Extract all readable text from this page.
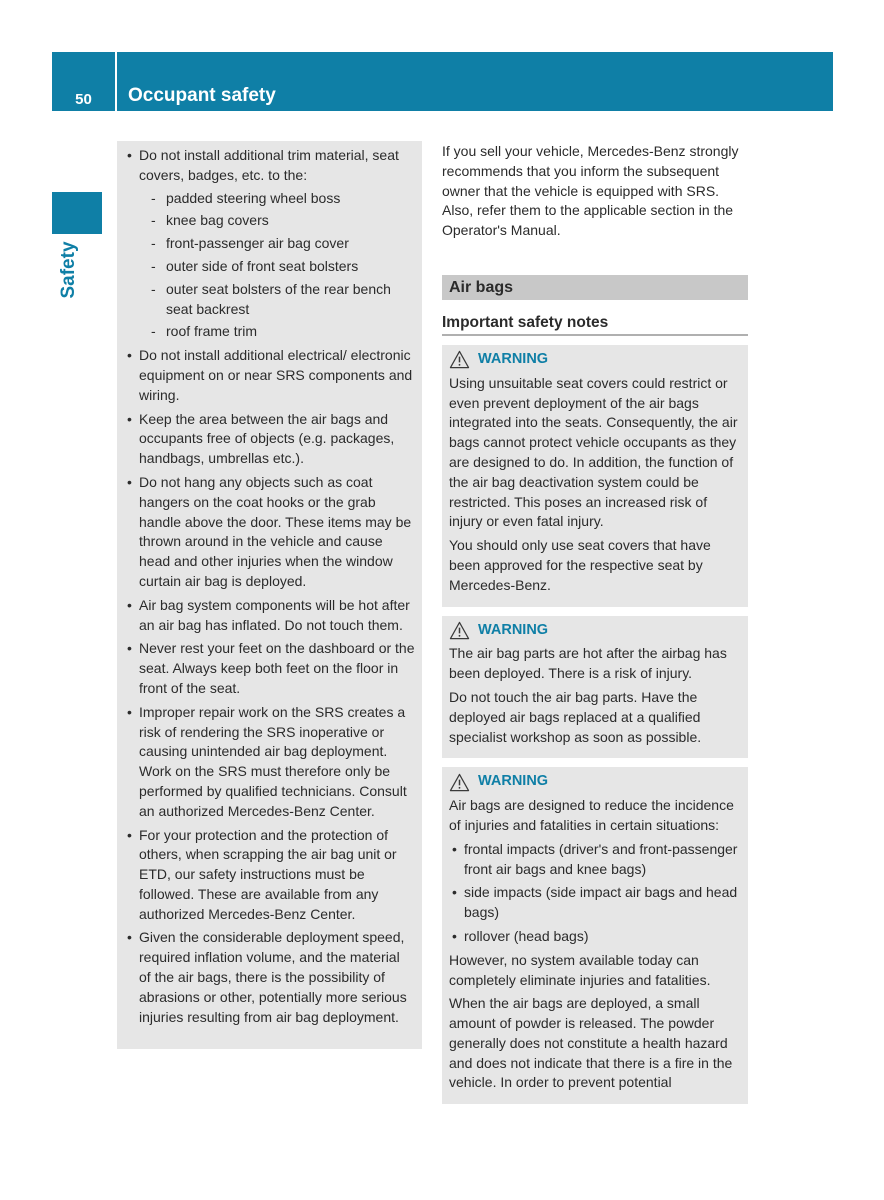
50	Occupant safety
Safety
• Do not install additional trim material, seat covers, badges, etc. to the:
- padded steering wheel boss
- knee bag covers
- front-passenger air bag cover
- outer side of front seat bolsters
- outer seat bolsters of the rear bench seat backrest
- roof frame trim
• Do not install additional electrical/ electronic equipment on or near SRS components and wiring.
• Keep the area between the air bags and occupants free of objects (e.g. packages, handbags, umbrellas etc.).
• Do not hang any objects such as coat hangers on the coat hooks or the grab handle above the door. These items may be thrown around in the vehicle and cause head and other injuries when the window curtain air bag is deployed.
• Air bag system components will be hot after an air bag has inflated. Do not touch them.
• Never rest your feet on the dashboard or the seat. Always keep both feet on the floor in front of the seat.
• Improper repair work on the SRS creates a risk of rendering the SRS inoperative or causing unintended air bag deployment. Work on the SRS must therefore only be performed by qualified technicians. Consult an authorized Mercedes-Benz Center.
• For your protection and the protection of others, when scrapping the air bag unit or ETD, our safety instructions must be followed. These are available from any authorized Mercedes-Benz Center.
• Given the considerable deployment speed, required inflation volume, and the material of the air bags, there is the possibility of abrasions or other, potentially more serious injuries resulting from air bag deployment.

If you sell your vehicle, Mercedes-Benz strongly recommends that you inform the subsequent owner that the vehicle is equipped with SRS. Also, refer them to the applicable section in the Operator's Manual.

Air bags
Important safety notes
WARNING

Using unsuitable seat covers could restrict or even prevent deployment of the air bags integrated into the seats. Consequently, the air bags cannot protect vehicle occupants as they are designed to do. In addition, the function of the air bag deactivation system could be restricted. This poses an increased risk of injury or even fatal injury.

You should only use seat covers that have been approved for the respective seat by Mercedes-Benz.

WARNING

The air bag parts are hot after the airbag has been deployed. There is a risk of injury.

Do not touch the air bag parts. Have the deployed air bags replaced at a qualified specialist workshop as soon as possible.

WARNING

Air bags are designed to reduce the incidence of injuries and fatalities in certain situations:

• frontal impacts (driver's and front-passenger front air bags and knee bags)
• side impacts (side impact air bags and head bags)
• rollover (head bags)

However, no system available today can completely eliminate injuries and fatalities.

When the air bags are deployed, a small amount of powder is released. The powder generally does not constitute a health hazard and does not indicate that there is a fire in the vehicle. In order to prevent potential
